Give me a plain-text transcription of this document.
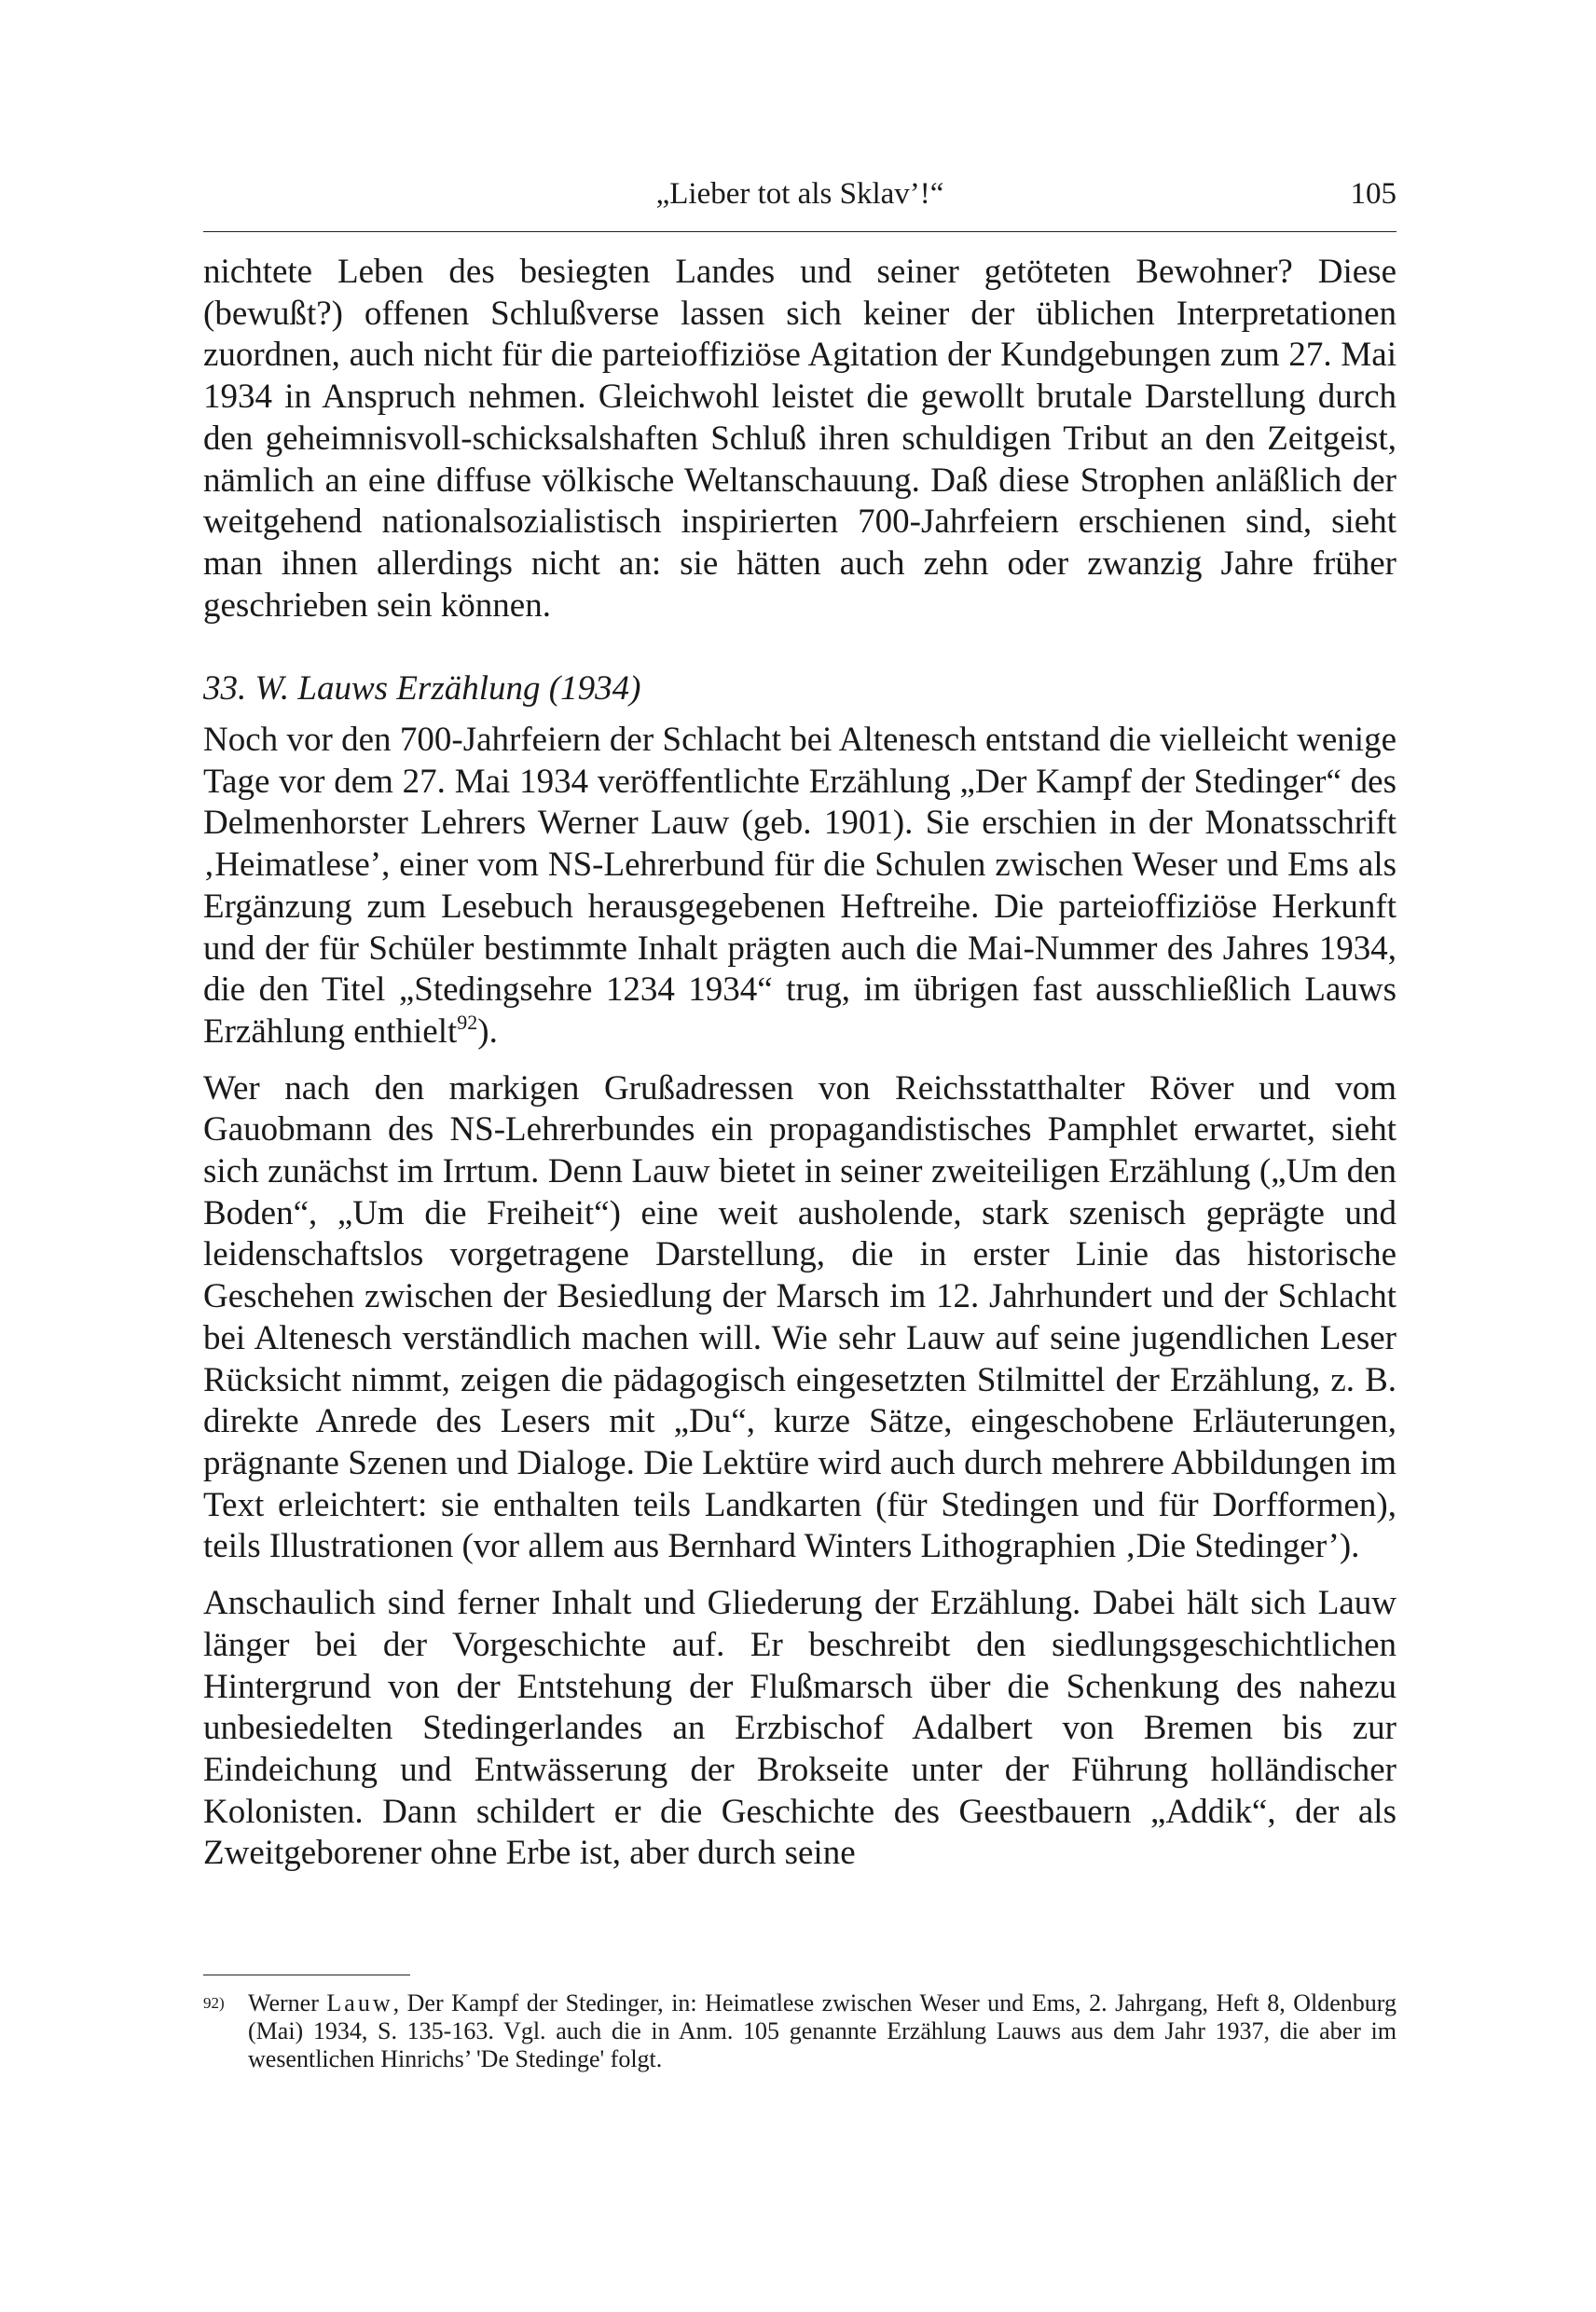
„Lieber tot als Sklav’!“	105

nichtete Leben des besiegten Landes und seiner getöteten Bewohner? Diese (bewußt?) offenen Schlußverse lassen sich keiner der üblichen Interpretationen zuordnen, auch nicht für die parteioffiziöse Agitation der Kundgebungen zum 27. Mai 1934 in Anspruch nehmen. Gleichwohl leistet die gewollt brutale Darstellung durch den geheimnisvoll-schicksalshaften Schluß ihren schuldigen Tribut an den Zeitgeist, nämlich an eine diffuse völkische Weltanschauung. Daß diese Strophen anläßlich der weitgehend nationalsozialistisch inspirierten 700-Jahrfeiern erschienen sind, sieht man ihnen allerdings nicht an: sie hätten auch zehn oder zwanzig Jahre früher geschrieben sein können.

33. W. Lauws Erzählung (1934)

Noch vor den 700-Jahrfeiern der Schlacht bei Altenesch entstand die vielleicht wenige Tage vor dem 27. Mai 1934 veröffentlichte Erzählung „Der Kampf der Stedinger“ des Delmenhorster Lehrers Werner Lauw (geb. 1901). Sie erschien in der Monatsschrift ‚Heimatlese’, einer vom NS-Lehrerbund für die Schulen zwischen Weser und Ems als Ergänzung zum Lesebuch herausgegebenen Heftreihe. Die parteioffiziöse Herkunft und der für Schüler bestimmte Inhalt prägten auch die Mai-Nummer des Jahres 1934, die den Titel „Stedingsehre 1234 1934“ trug, im übrigen fast ausschließlich Lauws Erzählung enthielt$^{92}$).

Wer nach den markigen Grußadressen von Reichsstatthalter Röver und vom Gauobmann des NS-Lehrerbundes ein propagandistisches Pamphlet erwartet, sieht sich zunächst im Irrtum. Denn Lauw bietet in seiner zweiteiligen Erzählung („Um den Boden“, „Um die Freiheit“) eine weit ausholende, stark szenisch geprägte und leidenschaftslos vorgetragene Darstellung, die in erster Linie das historische Geschehen zwischen der Besiedlung der Marsch im 12. Jahrhundert und der Schlacht bei Altenesch verständlich machen will. Wie sehr Lauw auf seine jugendlichen Leser Rücksicht nimmt, zeigen die pädagogisch eingesetzten Stilmittel der Erzählung, z. B. direkte Anrede des Lesers mit „Du“, kurze Sätze, eingeschobene Erläuterungen, prägnante Szenen und Dialoge. Die Lektüre wird auch durch mehrere Abbildungen im Text erleichtert: sie enthalten teils Landkarten (für Stedingen und für Dorfformen), teils Illustrationen (vor allem aus Bernhard Winters Lithographien ‚Die Stedinger’).

Anschaulich sind ferner Inhalt und Gliederung der Erzählung. Dabei hält sich Lauw länger bei der Vorgeschichte auf. Er beschreibt den siedlungsgeschichtlichen Hintergrund von der Entstehung der Flußmarsch über die Schenkung des nahezu unbesiedelten Stedingerlandes an Erzbischof Adalbert von Bremen bis zur Eindeichung und Entwässerung der Brokseite unter der Führung holländischer Kolonisten. Dann schildert er die Geschichte des Geestbauern „Addik“, der als Zweitgeborener ohne Erbe ist, aber durch seine

92) Werner Lauw, Der Kampf der Stedinger, in: Heimatlese zwischen Weser und Ems, 2. Jahrgang, Heft 8, Oldenburg (Mai) 1934, S. 135-163. Vgl. auch die in Anm. 105 genannte Erzählung Lauws aus dem Jahr 1937, die aber im wesentlichen Hinrichs’ 'De Stedinge' folgt.
